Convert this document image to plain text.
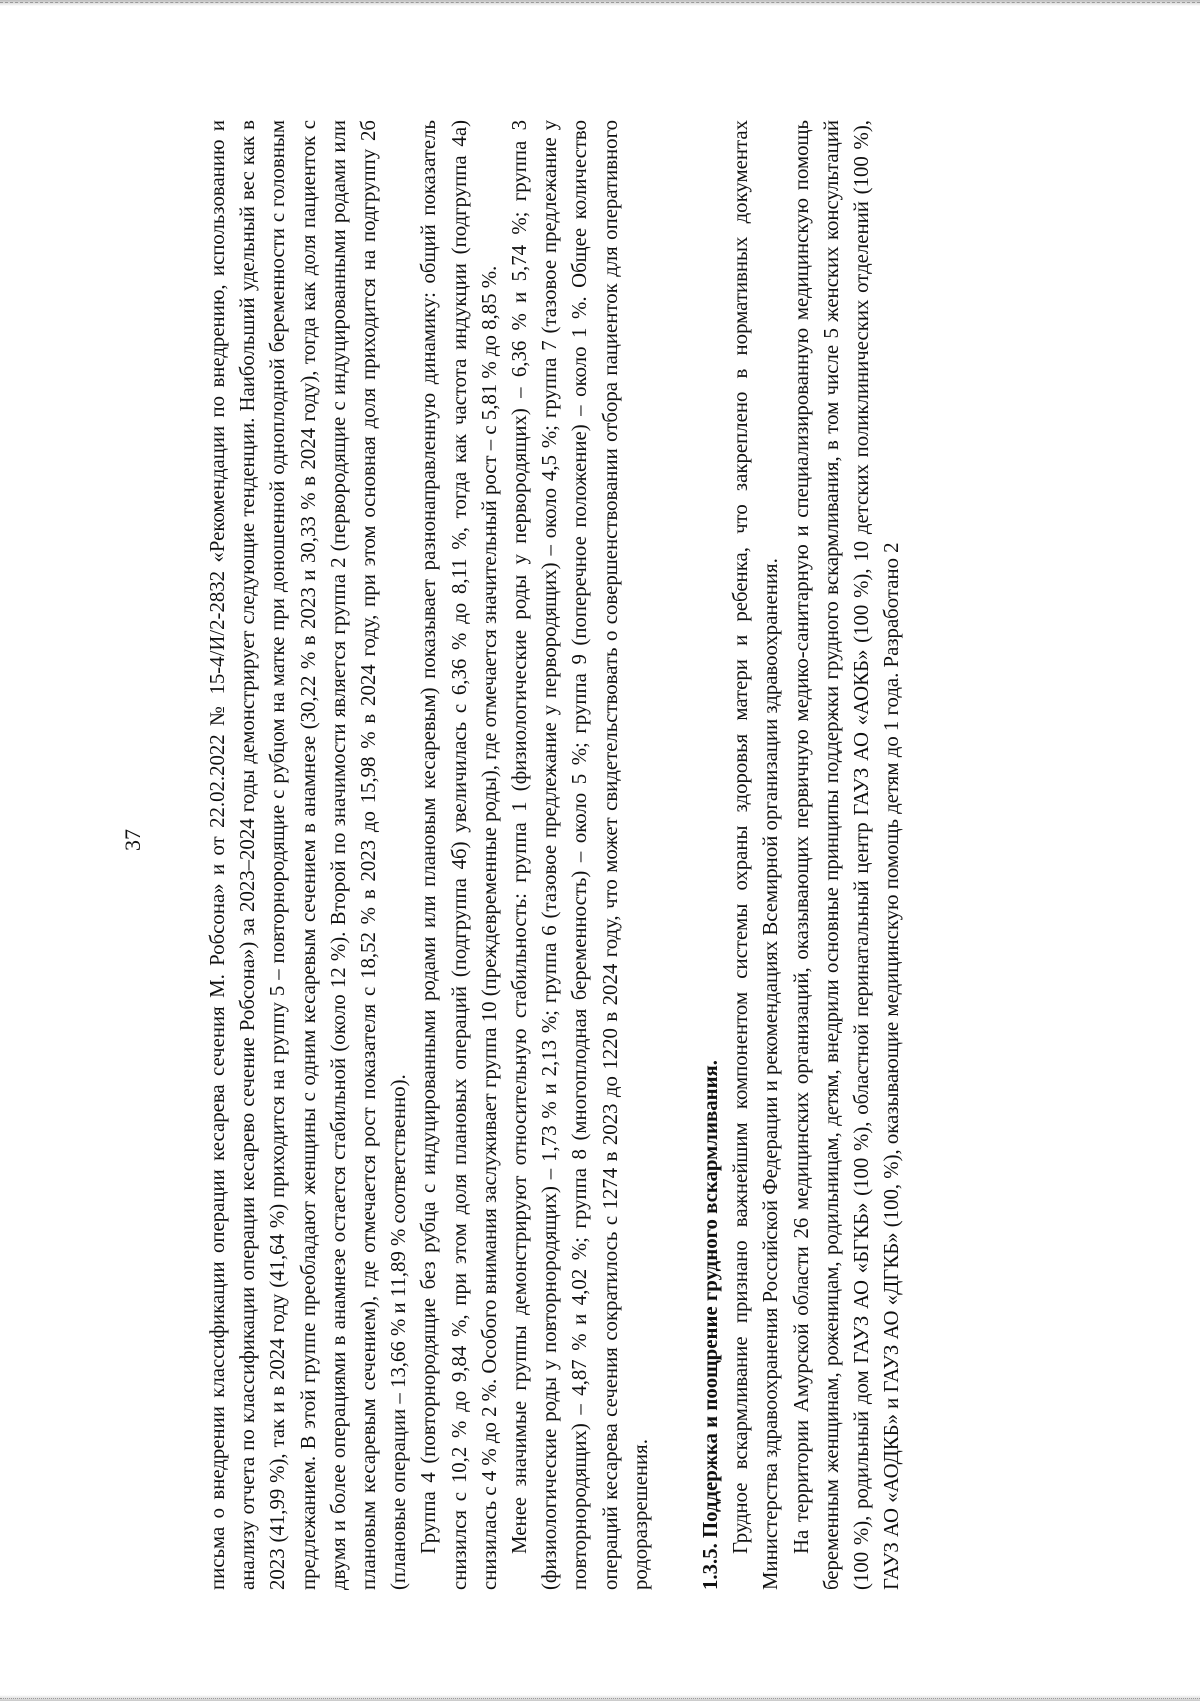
37	письма о внедрении классификации операции кесарева сечения М. Робсона» и от 22.02.2022 № 15-4/И/2-2832 «Рекомендации по внедрению, использованию и анализу отчета по классификации операции кесарево сечение Робсона») за 2023–2024 годы демонстрирует следующие тенденции. Наибольший удельный вес как в 2023 (41,99 %), так и в 2024 году (41,64 %) приходится на группу 5 – повторнородящие с рубцом на матке при доношенной одноплодной беременности с головным предлежанием. В этой группе преобладают женщины с одним кесаревым сечением в анамнезе (30,22 % в 2023 и 30,33 % в 2024 году), тогда как доля пациенток с двумя и более операциями в анамнезе остается стабильной (около 12 %). Второй по значимости является группа 2 (первородящие с индуцированными родами или плановым кесаревым сечением), где отмечается рост показателя с 18,52 % в 2023 до 15,98 % в 2024 году, при этом основная доля приходится на подгруппу 2б (плановые операции – 13,66 % и 11,89 % соответственно). Группа 4 (повторнородящие без рубца с индуцированными родами или плановым кесаревым) показывает разнонаправленную динамику: общий показатель снизился с 10,2 % до 9,84 %, при этом доля плановых операций (подгруппа 4б) увеличилась с 6,36 % до 8,11 %, тогда как частота индукции (подгруппа 4а) снизилась с 4 % до 2 %. Особого внимания заслуживает группа 10 (преждевременные роды), где отмечается значительный рост – с 5,81 % до 8,85 %. Менее значимые группы демонстрируют относительную стабильность: группа 1 (физиологические роды у первородящих) – 6,36 % и 5,74 %; группа 3 (физиологические роды у повторнородящих) – 1,73 % и 2,13 %; группа 6 (тазовое предлежание у первородящих) – около 4,5 %; группа 7 (тазовое предлежание у повторнородящих) – 4,87 % и 4,02 %; группа 8 (многоплодная беременность) – около 5 %; группа 9 (поперечное положение) – около 1 %. Общее количество операций кесарева сечения сократилось с 1274 в 2023 до 1220 в 2024 году, что может свидетельствовать о совершенствовании отбора пациенток для оперативного родоразрешения. 1.3.5. Поддержка и поощрение грудного вскармливания. Грудное вскармливание признано важнейшим компонентом системы охраны здоровья матери и ребенка, что закреплено в нормативных документах Министерства здравоохранения Российской Федерации и рекомендациях Всемирной организации здравоохранения. На территории Амурской области 26 медицинских организаций, оказывающих первичную медико-санитарную и специализированную медицинскую помощь беременным женщинам, роженицам, родильницам, детям, внедрили основные принципы поддержки грудного вскармливания, в том числе 5 женских консультаций (100 %), родильный дом ГАУЗ АО «БГКБ» (100 %), областной перинатальный центр ГАУЗ АО «АОКБ» (100 %), 10 детских поликлинических отделений (100 %), ГАУЗ АО «АОДКБ» и ГАУЗ АО «ДГКБ» (100, %), оказывающие медицинскую помощь детям до 1 года. Разработано 2
